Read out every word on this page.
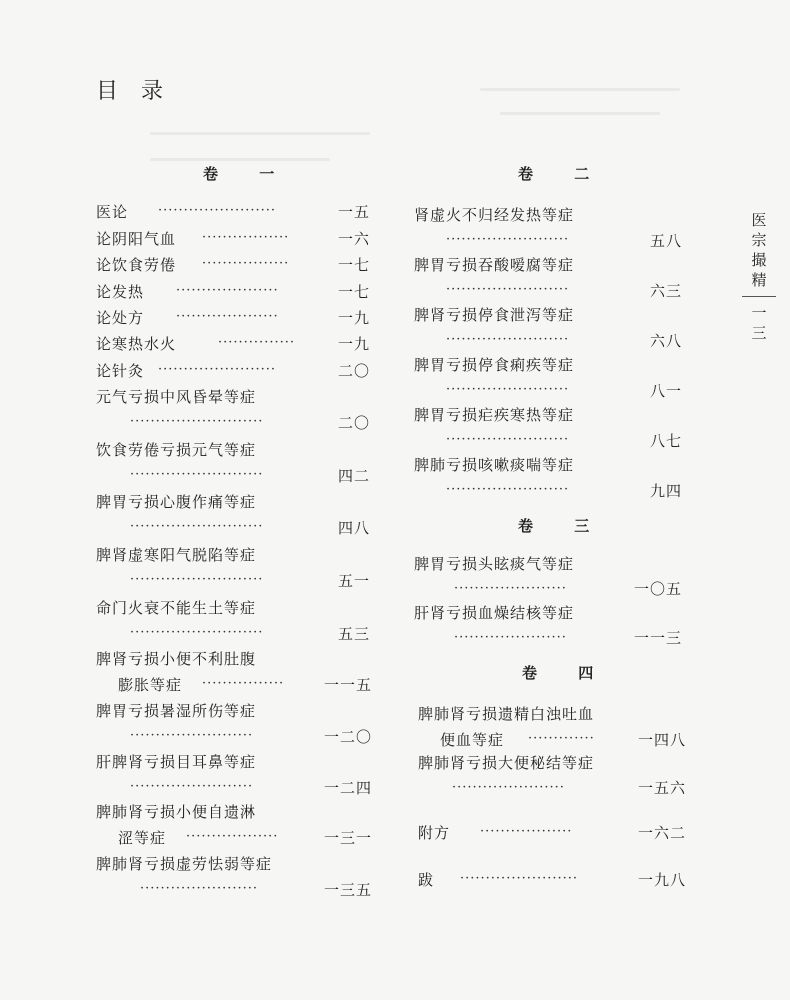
目 录
医宗撮精
一三
卷 一
医论 ·······················	一五
论阴阳气血 ·················	一六
论饮食劳倦 ·················	一七
论发热 ····················	一七
论处方 ····················	一九
论寒热水火	···············	一九
论针灸 ·······················	二〇
元气亏损中风昏晕等症
··························	二〇
饮食劳倦亏损元气等症
··························	四二
脾胃亏损心腹作痛等症
··························	四八
脾肾虚寒阳气脱陷等症
··························	五一
命门火衰不能生土等症
··························	五三
脾肾亏损小便不利肚腹
膨胀等症 ················	一一五
脾胃亏损暑湿所伤等症
························	一二〇
肝脾肾亏损目耳鼻等症
························	一二四
脾肺肾亏损小便自遗淋
涩等症 ··················	一三一
脾肺肾亏损虚劳怯弱等症
·······················	一三五
卷 二
肾虚火不归经发热等症
························	五八
脾胃亏损吞酸嗳腐等症
························	六三
脾肾亏损停食泄泻等症
························	六八
脾胃亏损停食痢疾等症
························	八一
脾胃亏损疟疾寒热等症
························	八七
脾肺亏损咳嗽痰喘等症
························	九四
卷 三
脾胃亏损头眩痰气等症
······················	一〇五
肝肾亏损血燥结核等症
······················	一一三
卷 四
脾肺肾亏损遗精白浊吐血
便血等症 ·············	一四八
脾肺肾亏损大便秘结等症
······················	一五六
附方 ··················	一六二
跋 ·······················	一九八
